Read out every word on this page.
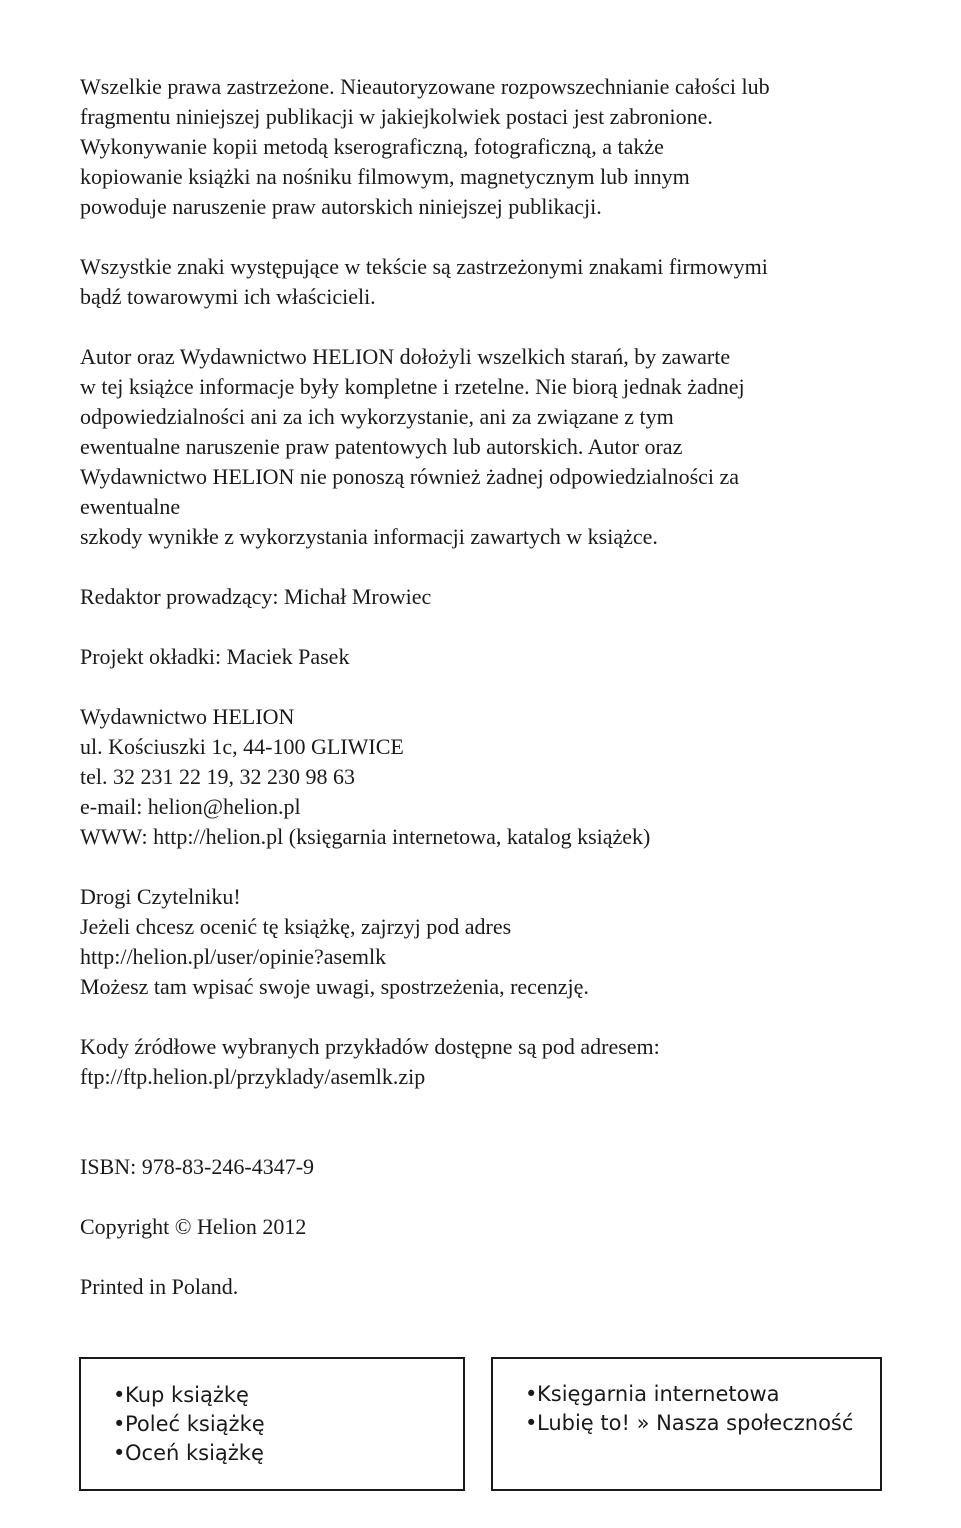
Wszelkie prawa zastrzeżone. Nieautoryzowane rozpowszechnianie całości lub
fragmentu niniejszej publikacji w jakiejkolwiek postaci jest zabronione.
Wykonywanie kopii metodą kserograficzną, fotograficzną, a także
kopiowanie książki na nośniku filmowym, magnetycznym lub innym
powoduje naruszenie praw autorskich niniejszej publikacji.

Wszystkie znaki występujące w tekście są zastrzeżonymi znakami firmowymi
bądź towarowymi ich właścicieli.

Autor oraz Wydawnictwo HELION dołożyli wszelkich starań, by zawarte
w tej książce informacje były kompletne i rzetelne. Nie biorą jednak żadnej
odpowiedzialności ani za ich wykorzystanie, ani za związane z tym
ewentualne naruszenie praw patentowych lub autorskich. Autor oraz
Wydawnictwo HELION nie ponoszą również żadnej odpowiedzialności za
ewentualne
szkody wynikłe z wykorzystania informacji zawartych w książce.

Redaktor prowadzący: Michał Mrowiec

Projekt okładki: Maciek Pasek

Wydawnictwo HELION
ul. Kościuszki 1c, 44-100 GLIWICE
tel. 32 231 22 19, 32 230 98 63
e-mail: helion@helion.pl
WWW: http://helion.pl (księgarnia internetowa, katalog książek)

Drogi Czytelniku!
Jeżeli chcesz ocenić tę książkę, zajrzyj pod adres
http://helion.pl/user/opinie?asemlk
Możesz tam wpisać swoje uwagi, spostrzeżenia, recenzję.

Kody źródłowe wybranych przykładów dostępne są pod adresem:
ftp://ftp.helion.pl/przyklady/asemlk.zip

ISBN: 978-83-246-4347-9

Copyright © Helion 2012

Printed in Poland.

•Kup książkę
•Poleć książkę
•Oceń książkę
•Księgarnia internetowa
•Lubię to! » Nasza społeczność
